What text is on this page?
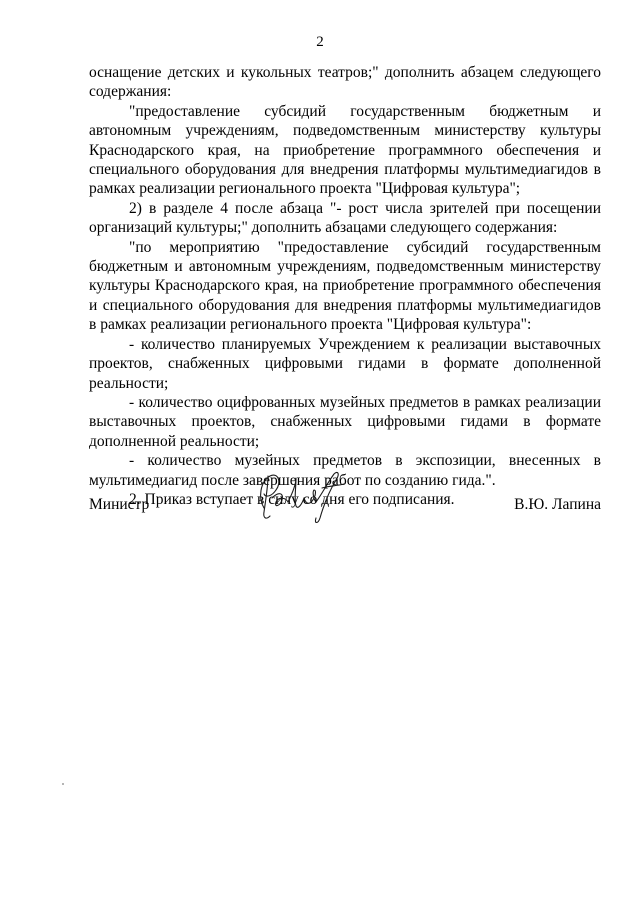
2

оснащение детских и кукольных театров;" дополнить абзацем следующего содержания:

"предоставление субсидий государственным бюджетным и автономным учреждениям, подведомственным министерству культуры Краснодарского края, на приобретение программного обеспечения и специального оборудования для внедрения платформы мультимедиагидов в рамках реализации регионального проекта "Цифровая культура";

2) в разделе 4 после абзаца "- рост числа зрителей при посещении организаций культуры;" дополнить абзацами следующего содержания:

"по мероприятию "предоставление субсидий государственным бюджетным и автономным учреждениям, подведомственным министерству культуры Краснодарского края, на приобретение программного обеспечения и специального оборудования для внедрения платформы мультимедиагидов в рамках реализации регионального проекта "Цифровая культура":

- количество планируемых Учреждением к реализации выставочных проектов, снабженных цифровыми гидами в формате дополненной реальности;

- количество оцифрованных музейных предметов в рамках реализации выставочных проектов, снабженных цифровыми гидами в формате дополненной реальности;

- количество музейных предметов в экспозиции, внесенных в мультимедиагид после завершения работ по созданию гида.".

2. Приказ вступает в силу со дня его подписания.

Министр	В.Ю. Лапина
